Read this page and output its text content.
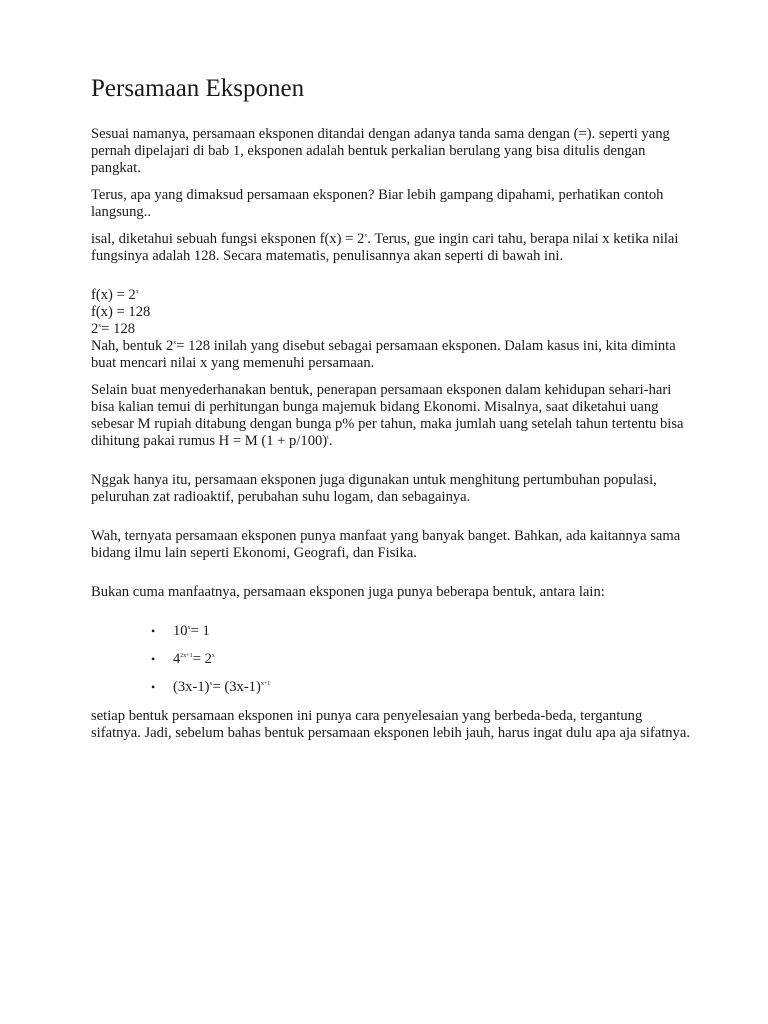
Persamaan Eksponen

Sesuai namanya, persamaan eksponen ditandai dengan adanya tanda sama dengan (=). seperti yang pernah dipelajari di bab 1, eksponen adalah bentuk perkalian berulang yang bisa ditulis dengan pangkat.

Terus, apa yang dimaksud persamaan eksponen? Biar lebih gampang dipahami, perhatikan contoh langsung..

isal, diketahui sebuah fungsi eksponen $f(x) = 2^x$. Terus, gue ingin cari tahu, berapa nilai x ketika nilai fungsinya adalah 128. Secara matematis, penulisannya akan seperti di bawah ini.

$f(x) = 2^x$

f(x) = 128

$2^x= 128$

Nah, bentuk $2^x= 128$ inilah yang disebut sebagai persamaan eksponen. Dalam kasus ini, kita diminta buat mencari nilai x yang memenuhi persamaan.

Selain buat menyederhanakan bentuk, penerapan persamaan eksponen dalam kehidupan sehari-hari bisa kalian temui di perhitungan bunga majemuk bidang Ekonomi. Misalnya, saat diketahui uang sebesar M rupiah ditabung dengan bunga p% per tahun, maka jumlah uang setelah tahun tertentu bisa dihitung pakai rumus H = M $(1 + p/100)^t$.

Nggak hanya itu, persamaan eksponen juga digunakan untuk menghitung pertumbuhan populasi, peluruhan zat radioaktif, perubahan suhu logam, dan sebagainya.

Wah, ternyata persamaan eksponen punya manfaat yang banyak banget. Bahkan, ada kaitannya sama bidang ilmu lain seperti Ekonomi, Geografi, dan Fisika.

Bukan cuma manfaatnya, persamaan eksponen juga punya beberapa bentuk, antara lain:

• $10^x= 1$
• $4^{2x+1}= 2^x$
• $(3x-1)^x= (3x-1)^{x+1}$

setiap bentuk persamaan eksponen ini punya cara penyelesaian yang berbeda-beda, tergantung sifatnya. Jadi, sebelum bahas bentuk persamaan eksponen lebih jauh, harus ingat dulu apa aja sifatnya.
